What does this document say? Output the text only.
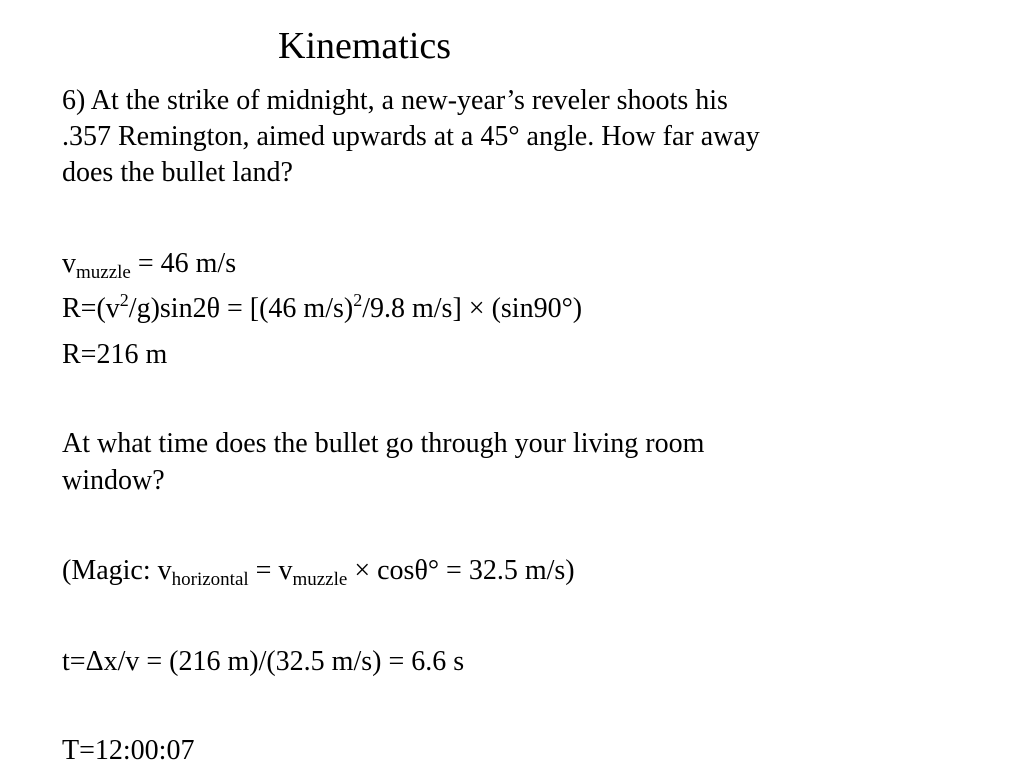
Kinematics
6) At the strike of midnight, a new-year’s reveler shoots his
.357 Remington, aimed upwards at a 45° angle. How far away
does the bullet land?
$v_{muzzle} = 46$ m/s
$R=(v^2/g)\sin 2\theta = [(46$ m/s)$^2$/9.8 m/s] × (sin90°)
R=216 m
At what time does the bullet go through your living room
window?
(Magic: $v_{horizontal} = v_{muzzle} \times \cos\theta^\circ = 32.5$ m/s)
t=Δx/v = (216 m)/(32.5 m/s) = 6.6 s
T=12:00:07
